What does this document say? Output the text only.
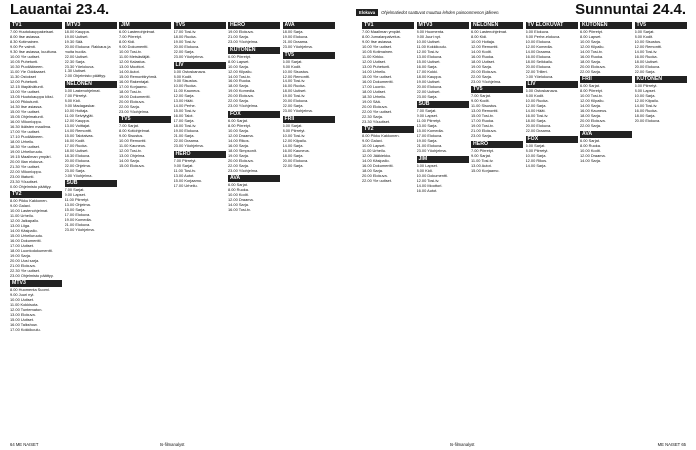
Lauantai 23.4.	Elokuva Ohjelmatiedot saattuvat muuttua lehden painoonmenon jälkeen.	Sunnuntai 24.4.
TV1
7.00 Huutokauppakeisari.
8.00 Itse asiassa.
8.30 Kotimainen.
9.00 Pe valmit.
9.30 Itse asiassa, kuultuna.
10.00 Yle uutiset.
10.05 Puhetunti.
10.30 Puoliääneen.
11.00 Yle Oddiaaset.
11.30 Ostokset
12.00 Puhetunti.
12.15 Iltapäivätunti.
13.00 Yle uutiset.
13.05 Huutokauppa kiksi.
14.00 Pikkutunti.
14.30 Itse asiassa.
15.00 Yle uutiset.
15.05 Ohjelmatunti.
16.00 Viikonloppu.
16.30 Ikäisten maailma.
17.00 Yle uutiset.
17.10 Puoliääneen.
18.00 Urheilu.
18.30 Yle uutiset.
19.00 Urheiluruutu.
19.15 Maailman ympäri.
20.00 Illan elokuva.
21.30 Yle uutiset.
22.00 Viikonloppu.
23.00 Iltatunti.
23.30 Yöuutiset.
0.00 Ohjelmisto päättyy.
TV2
8.00 Pikku Kakkonen.
9.00 Galaxi.
10.00 Lastenohjelmat.
11.00 Urheilu.
12.00 Jalkapallo.
13.00 Liiga.
14.00 Käsipallo.
15.00 Urheiluruutu.
16.00 Dokumentti.
17.00 Uutiset.
18.00 Luontodokumentti.
19.00 Sarja.
20.00 Uusi sarja.
21.00 Elokuva.
22.30 Yle uutiset.
23.00 Ohjelmisto päättyy.
MTV3
8.00 Huomenta Suomi.
9.00 Juuri nyt.
10.00 Uutiset.
11.00 Kokkisota.
12.00 Tuntematon.
13.00 Elokuva.
15.00 Uutiset.
16.00 Talkshow.
17.00 Kokkikoulu.
MTV3
18.00 Kauppa.
19.00 Uutiset.
19.30 Sää.
20.00 Elokuva: Rakkaus ja muita huolia.
22.00 Uutiset.
22.30 Sarja.
23.30 Yöelokuva.
1.30 Uutiset.
2.00 Ohjelmisto päättyy.
NELONEN
6.00 Lastenohjelmat.
7.00 Piirretyt.
8.00 Kidi.
9.00 Madagaskar.
10.00 Hoitaja.
11.00 Selviytyjät.
12.00 Kauppa.
13.00 Voittajat.
14.00 Remontti.
15.00 Talotaivas.
16.00 Kodit.
17.00 Ruoka.
18.00 Uutiset.
18.30 Elokuva.
20.00 Elokuva.
22.00 Ohjelma.
23.00 Sarja.
0.00 Yöohjelma.
SUB
7.00 Sarjat.
9.00 Lapset.
11.00 Piirretyt.
13.00 Ohjelma.
15.00 Sarja.
17.00 Elokuva.
19.00 Komedia.
21.00 Elokuva.
23.00 Yöohjelma.
JIM
6.00 Lastenohjelmat.
7.00 Piirretyt.
8.00 Kidi.
9.00 Dokumentti.
10.00 Tosi-tv.
11.00 Metsästäjät.
12.00 Kalastus.
13.00 Moottori.
14.00 Autot.
15.00 Remonttiryhmä.
16.00 Rakentajat.
17.00 Korjaamo.
18.00 Tosi-tv.
19.00 Dokumentti.
20.00 Elokuva.
22.00 Sarja.
23.00 Yöohjelma.
TV5
7.00 Sarjat.
8.00 Kotiohjelmat.
9.00 Sisustus.
10.00 Remontti.
11.00 Kauneus.
12.00 Tosi-tv.
13.00 Ohjelma.
14.00 Sarja.
15.00 Elokuva.
TV5
17.00 Tosi-tv.
18.00 Ruoka.
19.00 Tosi-tv.
20.00 Elokuva.
22.00 Sarja.
23.00 Yöohjelma.
LIV
6.00 Ostoskanava.
8.00 Kodit.
9.00 Sisustus.
10.00 Ruoka.
11.00 Kauneus.
12.00 Sarja.
13.00 Häät.
14.00 Perhe.
15.00 Tosi-tv.
16.00 Talot.
17.00 Sarja.
18.00 Tosi-tv.
19.00 Elokuva.
21.00 Sarja.
22.00 Draama.
23.00 Yöohjelma.
HERO
7.00 Piirretyt.
9.00 Sarjat.
11.00 Tosi-tv.
13.00 Autot.
15.00 Korjaamo.
17.00 Urheilu.
HERO
19.00 Elokuva.
21.00 Sarja.
23.00 Yöohjelma.
KUTONEN
6.00 Piirretyt.
8.00 Lapset.
10.00 Sarja.
12.00 Kilpailu.
14.00 Tosi-tv.
16.00 Ruoka.
18.00 Sarja.
19.00 Komedia.
20.00 Elokuva.
22.00 Sarja.
23.00 Yöohjelma.
FOX
6.00 Sarjat.
8.00 Piirretyt.
10.00 Sarja.
12.00 Draama.
14.00 Rikos.
16.00 Sarja.
18.00 Simpsonit.
19.00 Sarja.
20.00 Elokuva.
22.00 Sarja.
23.00 Yöohjelma.
AVA
6.00 Sarjat.
8.00 Ruoka.
10.00 Kodit.
12.00 Draama.
14.00 Sarja.
16.00 Tosi-tv.
AVA
18.00 Sarja.
19.00 Elokuva.
21.00 Draama.
23.00 Yöohjelma.
TV5
6.00 Sarjat.
8.00 Kodit.
10.00 Sisustus.
12.00 Remontti.
14.00 Tosi-tv.
16.00 Ruoka.
18.00 Uutiset.
19.00 Tosi-tv.
20.00 Elokuva.
22.00 Sarja.
23.00 Yöohjelma.
FRII
6.00 Sarjat.
8.00 Piirretyt.
10.00 Tosi-tv.
12.00 Kilpailu.
14.00 Sarja.
16.00 Kauneus.
18.00 Sarja.
20.00 Elokuva.
22.00 Sarja.
TV1
7.00 Maailman ympäri.
8.00 Jumalanpalvelus.
9.00 Itse asiassa.
10.00 Yle uutiset.
10.05 Kotimainen.
11.00 Kirkko.
12.00 Uutiset.
13.00 Puhetunti.
14.00 Urheilu.
15.00 Yle uutiset.
16.00 Dokumentti.
17.00 Luonto.
18.00 Uutiset.
18.30 Urheilu.
19.00 Sää.
20.00 Elokuva.
22.00 Yle uutiset.
22.30 Sarja.
23.30 Yöuutiset.
TV2
8.00 Pikku Kakkonen.
9.00 Galaxi.
10.00 Lapset.
11.00 Urheilu.
12.00 Jääkiekko.
14.00 Käsipallo.
16.00 Dokumentti.
18.00 Sarja.
20.00 Elokuva.
22.00 Yle uutiset.
MTV3
8.00 Huomenta.
9.00 Juuri nyt.
10.00 Uutiset.
11.00 Kokkikoulu.
12.00 Tosi-tv.
13.00 Elokuva.
15.00 Uutiset.
16.00 Sarja.
17.00 Kokki.
18.00 Kauppa.
19.00 Uutiset.
20.00 Elokuva.
22.00 Uutiset.
23.00 Sarja.
SUB
7.00 Sarjat.
9.00 Lapset.
11.00 Piirretyt.
13.00 Sarja.
15.00 Komedia.
17.00 Elokuva.
19.00 Sarja.
21.00 Elokuva.
23.00 Yöohjelma.
JIM
6.00 Lapset.
8.00 Kidi.
10.00 Dokumentti.
12.00 Tosi-tv.
14.00 Moottori.
16.00 Autot.
NELONEN
6.00 Lastenohjelmat.
8.00 Kidi.
10.00 Hoitaja.
12.00 Remontti.
14.00 Kodit.
16.00 Ruoka.
18.00 Uutiset.
19.00 Sarja.
20.00 Elokuva.
22.00 Sarja.
23.00 Yöohjelma.
TV5
7.00 Sarjat.
9.00 Kodit.
11.00 Sisustus.
13.00 Remontti.
15.00 Tosi-tv.
17.00 Ruoka.
19.00 Tosi-tv.
21.00 Elokuva.
23.00 Sarja.
HERO
7.00 Piirretyt.
9.00 Sarjat.
11.00 Tosi-tv.
13.00 Autot.
15.00 Korjaamo.
TV ELOKUVAT
6.00 Elokuva.
8.00 Perhe-elokuva.
10.00 Elokuva.
12.00 Komedia.
14.00 Draama.
16.00 Elokuva.
18.00 Seikkailu.
20.00 Elokuva.
22.00 Trilleri.
0.00 Yöelokuva.
LIV
6.00 Ostoskanava.
8.00 Kodit.
10.00 Ruoka.
12.00 Sarja.
14.00 Häät.
16.00 Tosi-tv.
18.00 Sarja.
20.00 Elokuva.
22.00 Draama.
FOX
6.00 Sarjat.
8.00 Piirretyt.
10.00 Sarja.
12.00 Rikos.
14.00 Sarja.
KUTONEN
6.00 Piirretyt.
8.00 Lapset.
10.00 Sarja.
12.00 Kilpailu.
14.00 Tosi-tv.
16.00 Ruoka.
18.00 Sarja.
20.00 Elokuva.
22.00 Sarja.
FRII
6.00 Sarjat.
8.00 Piirretyt.
10.00 Tosi-tv.
12.00 Kilpailu.
14.00 Sarja.
16.00 Kauneus.
18.00 Sarja.
20.00 Elokuva.
22.00 Sarja.
AVA
6.00 Sarjat.
8.00 Ruoka.
10.00 Kodit.
12.00 Draama.
14.00 Sarja.
TV5
6.00 Sarjat.
8.00 Kodit.
10.00 Sisustus.
12.00 Remontti.
14.00 Tosi-tv.
16.00 Ruoka.
18.00 Uutiset.
20.00 Elokuva.
22.00 Sarja.
KUTONEN
6.00 Piirretyt.
8.00 Lapset.
10.00 Sarja.
12.00 Kilpailu.
14.00 Tosi-tv.
16.00 Ruoka.
18.00 Sarja.
20.00 Elokuva.
64 ME NAISET	ts-filmanalyst	ts-filmanalyst	ME NAISET 65
